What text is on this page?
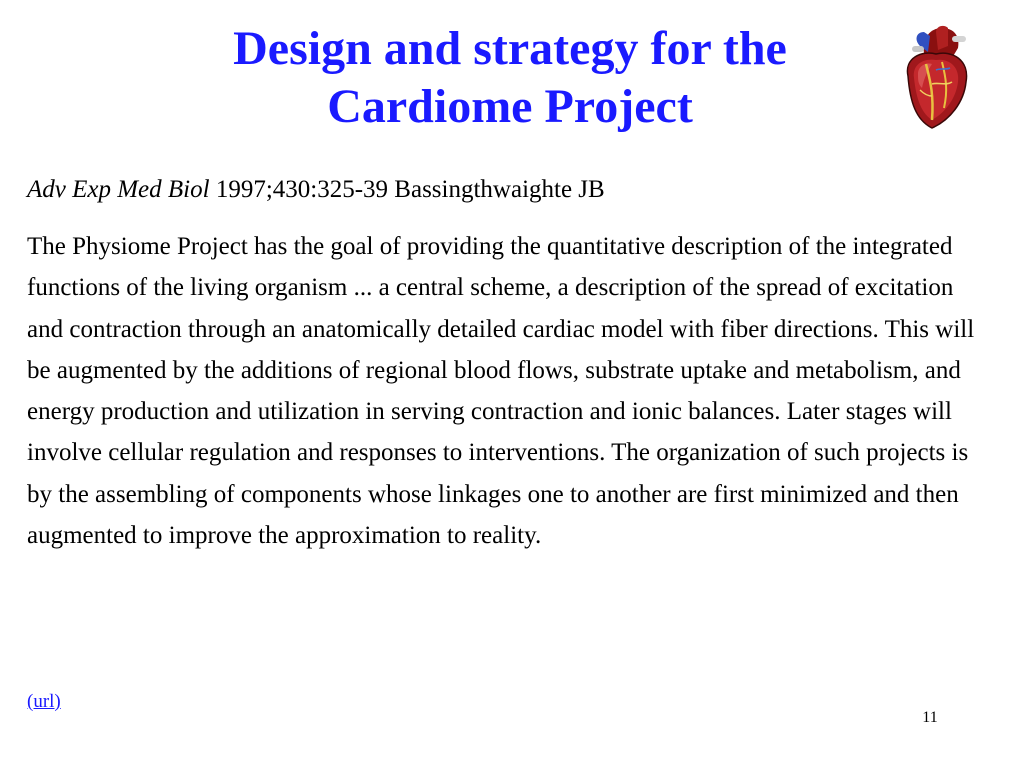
Design and strategy for the Cardiome Project

Adv Exp Med Biol 1997;430:325-39 Bassingthwaighte JB

The Physiome Project has the goal of providing the quantitative description of the integrated functions of the living organism ... a central scheme, a description of the spread of excitation and contraction through an anatomically detailed cardiac model with fiber directions. This will be augmented by the additions of regional blood flows, substrate uptake and metabolism, and energy production and utilization in serving contraction and ionic balances. Later stages will involve cellular regulation and responses to interventions. The organization of such projects is by the assembling of components whose linkages one to another are first minimized and then augmented to improve the approximation to reality.

(url)
11
